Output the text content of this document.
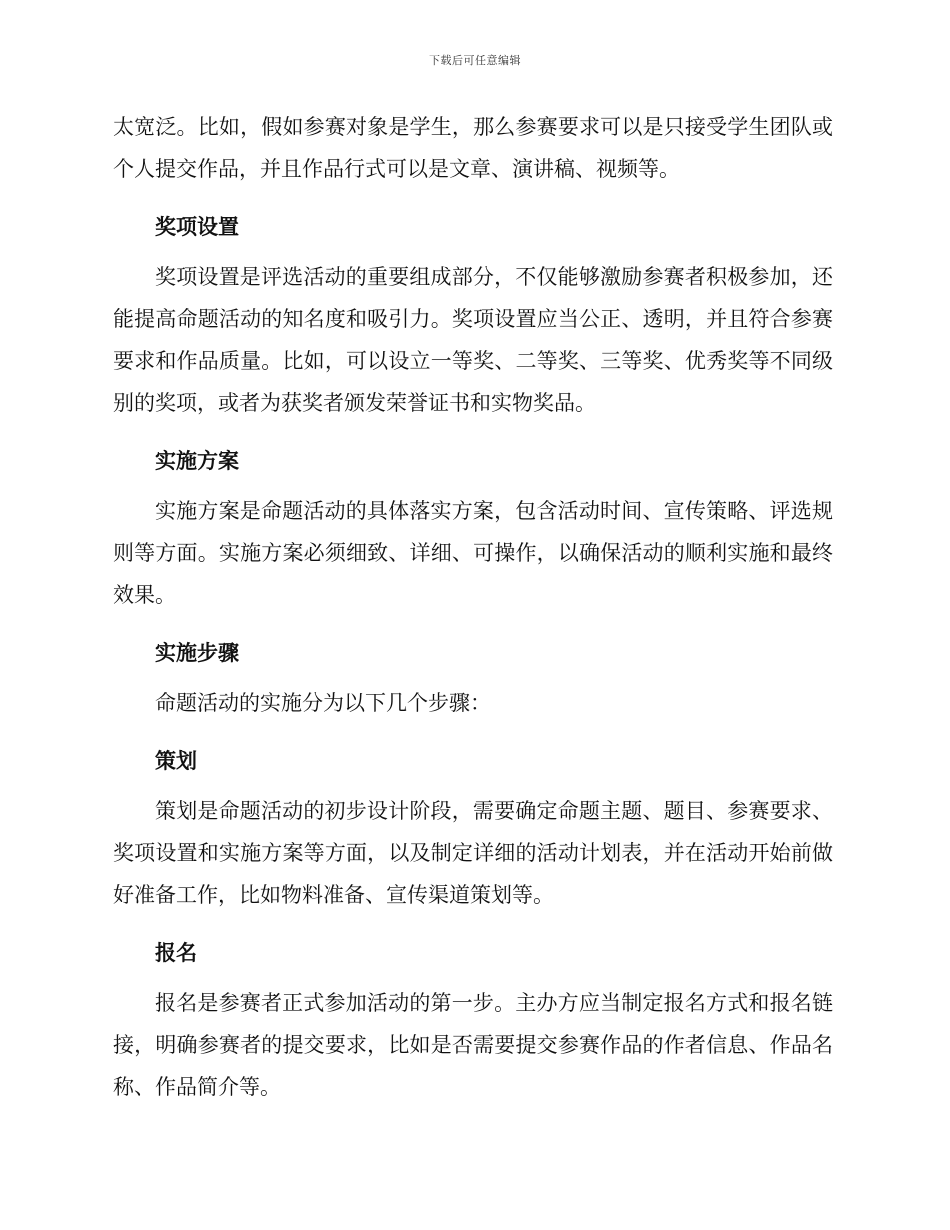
下载后可任意编辑

太宽泛。比如，假如参赛对象是学生，那么参赛要求可以是只接受学生团队或个人提交作品，并且作品行式可以是文章、演讲稿、视频等。

奖项设置

奖项设置是评选活动的重要组成部分，不仅能够激励参赛者积极参加，还能提高命题活动的知名度和吸引力。奖项设置应当公正、透明，并且符合参赛要求和作品质量。比如，可以设立一等奖、二等奖、三等奖、优秀奖等不同级别的奖项，或者为获奖者颁发荣誉证书和实物奖品。

实施方案

实施方案是命题活动的具体落实方案，包含活动时间、宣传策略、评选规则等方面。实施方案必须细致、详细、可操作，以确保活动的顺利实施和最终效果。

实施步骤

命题活动的实施分为以下几个步骤：

策划

策划是命题活动的初步设计阶段，需要确定命题主题、题目、参赛要求、奖项设置和实施方案等方面，以及制定详细的活动计划表，并在活动开始前做好准备工作，比如物料准备、宣传渠道策划等。

报名

报名是参赛者正式参加活动的第一步。主办方应当制定报名方式和报名链接，明确参赛者的提交要求，比如是否需要提交参赛作品的作者信息、作品名称、作品简介等。
